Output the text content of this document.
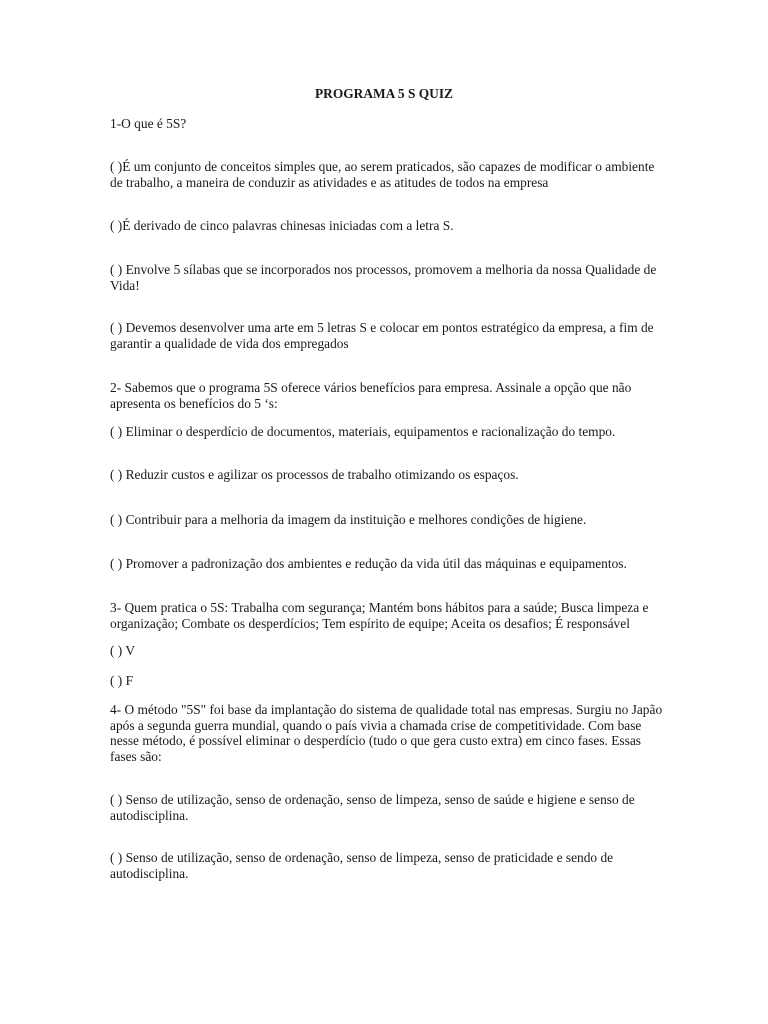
PROGRAMA 5 S QUIZ
1-O que é 5S?
( )É um conjunto de conceitos simples que, ao serem praticados, são capazes de modificar o ambiente de trabalho, a maneira de conduzir as atividades e as atitudes de todos na empresa
( )É derivado de cinco palavras chinesas iniciadas com a letra S.
( ) Envolve 5 sílabas que se incorporados nos processos, promovem a melhoria da nossa Qualidade de Vida!
( ) Devemos desenvolver uma arte em 5 letras S e colocar em pontos estratégico da empresa, a fim de garantir a qualidade de vida dos empregados
2- Sabemos que o programa 5S oferece vários benefícios para empresa. Assinale a opção que não apresenta os benefícios do 5 ‘s:
( ) Eliminar o desperdício de documentos, materiais, equipamentos e racionalização do tempo.
( ) Reduzir custos e agilizar os processos de trabalho otimizando os espaços.
( ) Contribuir para a melhoria da imagem da instituição e melhores condições de higiene.
( ) Promover a padronização dos ambientes e redução da vida útil das máquinas e equipamentos.
3- Quem pratica o 5S: Trabalha com segurança; Mantém bons hábitos para a saúde; Busca limpeza e organização; Combate os desperdícios; Tem espírito de equipe; Aceita os desafios; É responsável
( ) V
( ) F
4- O método "5S" foi base da implantação do sistema de qualidade total nas empresas. Surgiu no Japão após a segunda guerra mundial, quando o país vivia a chamada crise de competitividade. Com base nesse método, é possível eliminar o desperdício (tudo o que gera custo extra) em cinco fases. Essas fases são:
( ) Senso de utilização, senso de ordenação, senso de limpeza, senso de saúde e higiene e senso de autodisciplina.
( ) Senso de utilização, senso de ordenação, senso de limpeza, senso de praticidade e sendo de autodisciplina.
